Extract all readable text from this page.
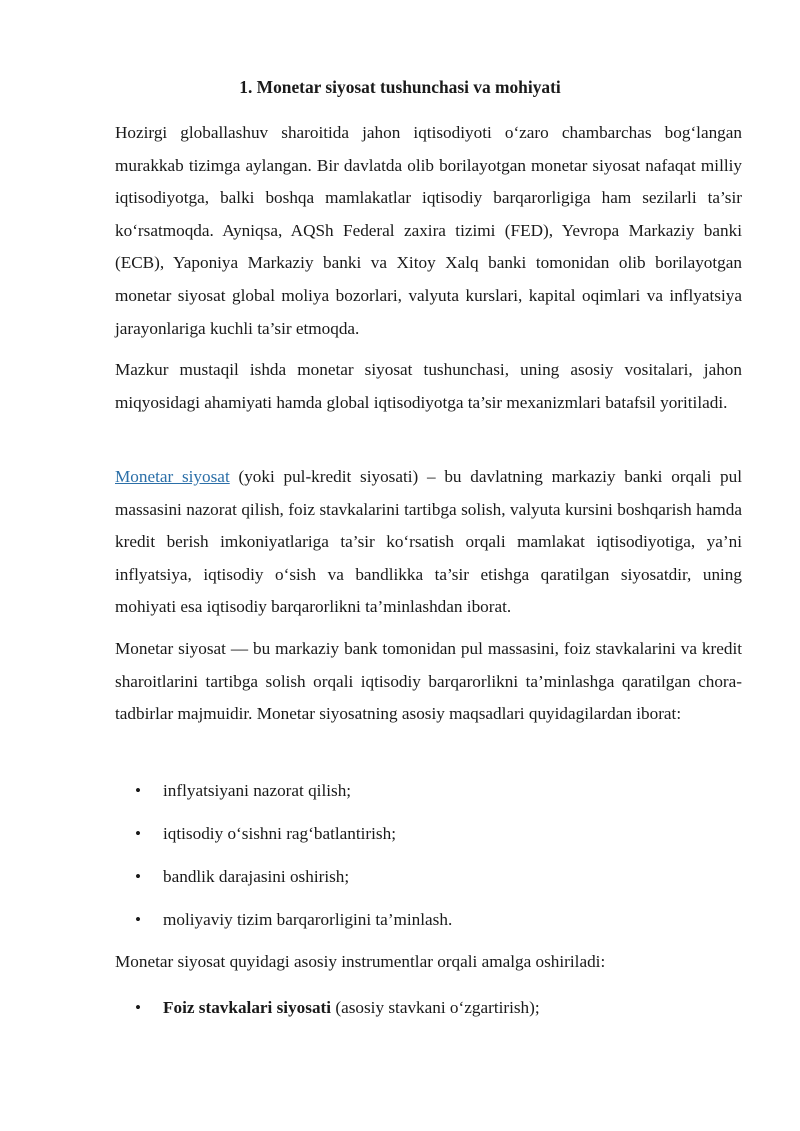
1. Monetar siyosat tushunchasi va mohiyati

Hozirgi globallashuv sharoitida jahon iqtisodiyoti o‘zaro chambarchas bog‘langan murakkab tizimga aylangan. Bir davlatda olib borilayotgan monetar siyosat nafaqat milliy iqtisodiyotga, balki boshqa mamlakatlar iqtisodiy barqarorligiga ham sezilarli ta’sir ko‘rsatmoqda. Ayniqsa, AQSh Federal zaxira tizimi (FED), Yevropa Markaziy banki (ECB), Yaponiya Markaziy banki va Xitoy Xalq banki tomonidan olib borilayotgan monetar siyosat global moliya bozorlari, valyuta kurslari, kapital oqimlari va inflyatsiya jarayonlariga kuchli ta’sir etmoqda.

Mazkur mustaqil ishda monetar siyosat tushunchasi, uning asosiy vositalari, jahon miqyosidagi ahamiyati hamda global iqtisodiyotga ta’sir mexanizmlari batafsil yoritiladi.

Monetar siyosat (yoki pul-kredit siyosati) – bu davlatning markaziy banki orqali pul massasini nazorat qilish, foiz stavkalarini tartibga solish, valyuta kursini boshqarish hamda kredit berish imkoniyatlariga ta’sir ko‘rsatish orqali mamlakat iqtisodiyotiga, ya’ni inflyatsiya, iqtisodiy o‘sish va bandlikka ta’sir etishga qaratilgan siyosatdir, uning mohiyati esa iqtisodiy barqarorlikni ta’minlashdan iborat.

Monetar siyosat — bu markaziy bank tomonidan pul massasini, foiz stavkalarini va kredit sharoitlarini tartibga solish orqali iqtisodiy barqarorlikni ta’minlashga qaratilgan chora-tadbirlar majmuidir. Monetar siyosatning asosiy maqsadlari quyidagilardan iborat:

• inflyatsiyani nazorat qilish;
• iqtisodiy o‘sishni rag‘batlantirish;
• bandlik darajasini oshirish;
• moliyaviy tizim barqarorligini ta’minlash.

Monetar siyosat quyidagi asosiy instrumentlar orqali amalga oshiriladi:

• Foiz stavkalari siyosati (asosiy stavkani o‘zgartirish);
